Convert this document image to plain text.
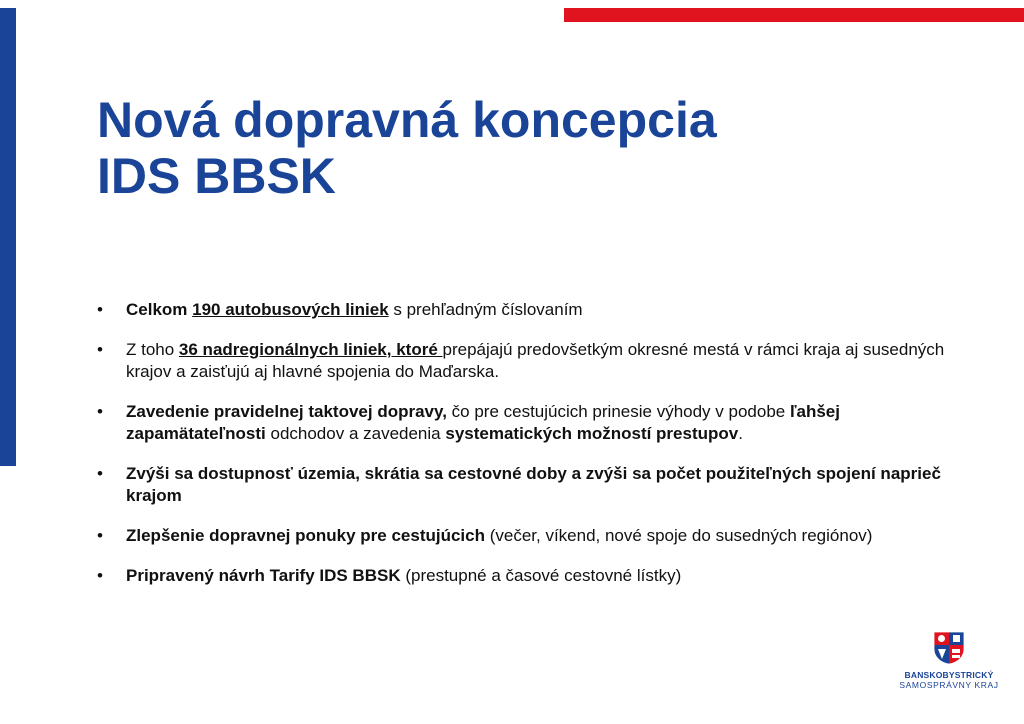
Nová dopravná koncepcia
IDS BBSK
• Celkom 190 autobusových liniek s prehľadným číslovaním
• Z toho 36 nadregionálnych liniek, ktoré prepájajú predovšetkým okresné mestá v rámci kraja aj susedných krajov a zaisťujú aj hlavné spojenia do Maďarska.
• Zavedenie pravidelnej taktovej dopravy, čo pre cestujúcich prinesie výhody v podobe ľahšej zapamätateľnosti odchodov a zavedenia systematických možností prestupov.
• Zvýši sa dostupnosť územia, skrátia sa cestovné doby a zvýši sa počet použiteľných spojení naprieč krajom
• Zlepšenie dopravnej ponuky pre cestujúcich (večer, víkend, nové spoje do susedných regiónov)
• Pripravený návrh Tarify IDS BBSK (prestupné a časové cestovné lístky)
BANSKOBYSTRICKÝ
SAMOSPRÁVNY KRAJ
